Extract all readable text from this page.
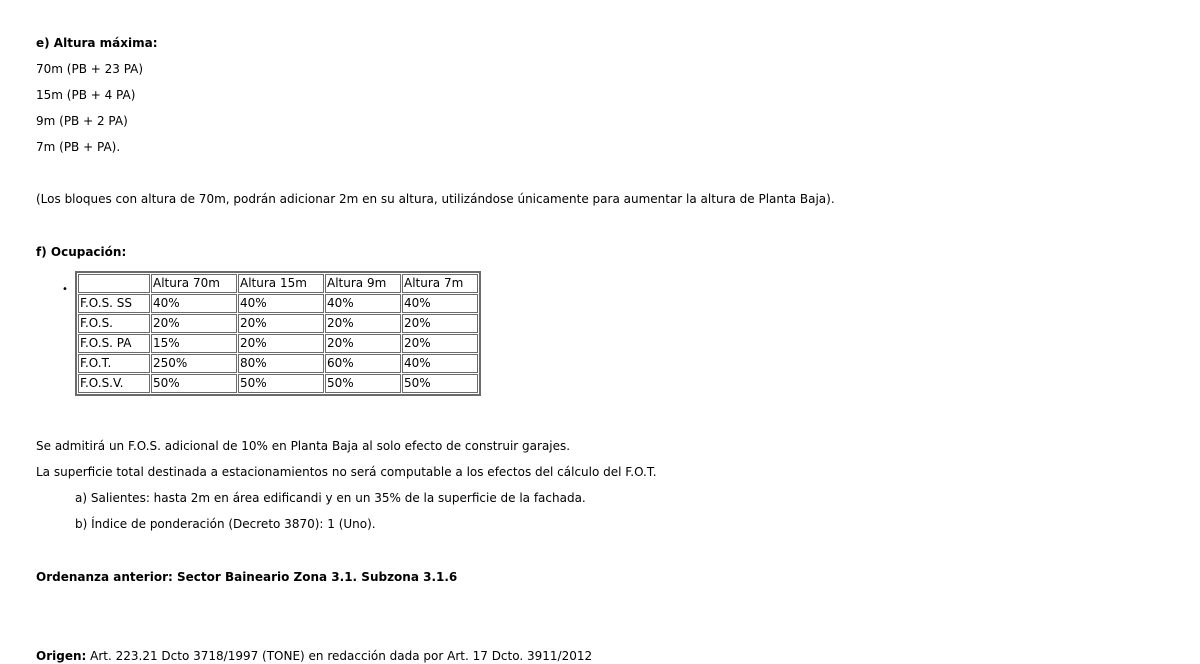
e) Altura máxima:
70m (PB + 23 PA)
15m (PB + 4 PA)
9m (PB + 2 PA)
7m (PB + PA).
(Los bloques con altura de 70m, podrán adicionar 2m en su altura, utilizándose únicamente para aumentar la altura de Planta Baja).
f) Ocupación:
•
		Altura 70m	Altura 15m	Altura 9m	Altura 7m
F.O.S. SS	40%	40%	40%	40%
F.O.S.	20%	20%	20%	20%
F.O.S. PA	15%	20%	20%	20%
F.O.T.	250%	80%	60%	40%
F.O.S.V.	50%	50%	50%	50%
Se admitirá un F.O.S. adicional de 10% en Planta Baja al solo efecto de construir garajes.
La superficie total destinada a estacionamientos no será computable a los efectos del cálculo del F.O.T.
a) Salientes: hasta 2m en área edificandi y en un 35% de la superficie de la fachada.
b) Índice de ponderación (Decreto 3870): 1 (Uno).
Ordenanza anterior: Sector Baineario Zona 3.1. Subzona 3.1.6
Origen: Art. 223.21 Dcto 3718/1997 (TONE) en redacción dada por Art. 17 Dcto. 3911/2012
